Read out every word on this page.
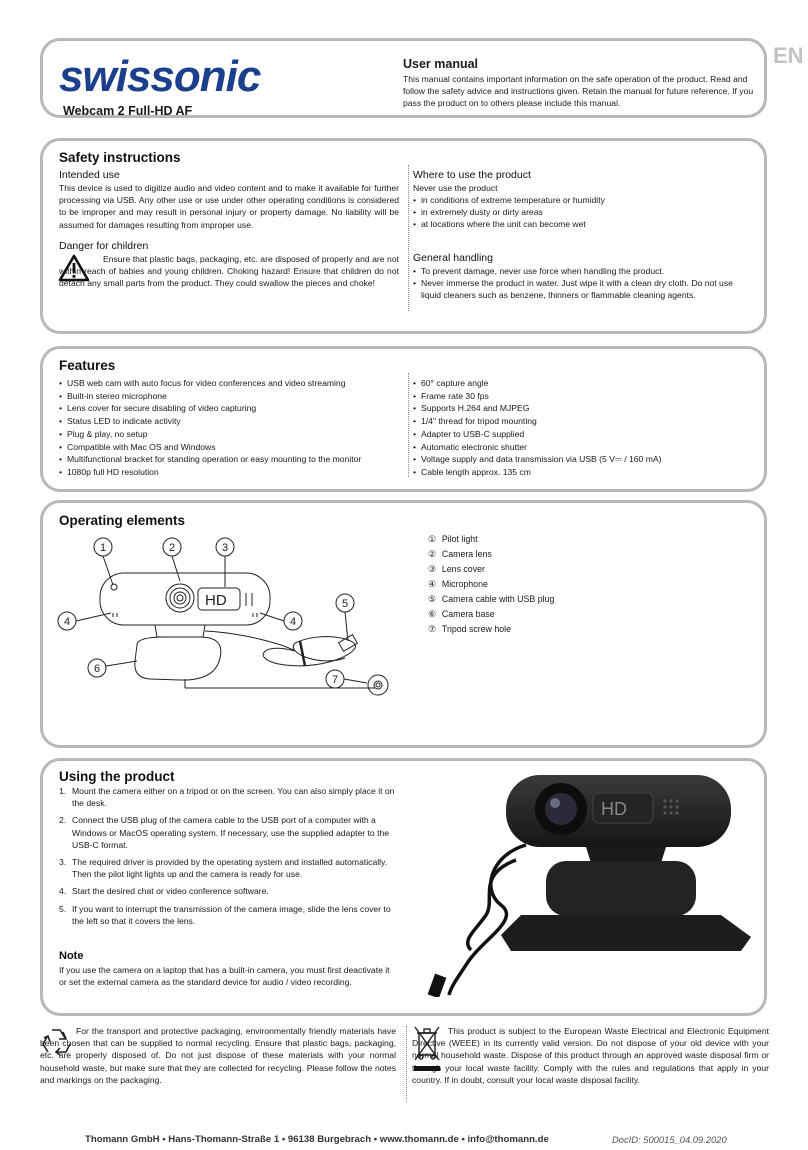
swissonic
Webcam 2 Full-HD AF
User manual
This manual contains important information on the safe operation of the product. Read and follow the safety advice and instructions given. Retain the manual for future reference. If you pass the product on to others please include this manual.
EN
Safety instructions
Intended use
This device is used to digitize audio and video content and to make it available for further processing via USB. Any other use or use under other operating conditions is considered to be improper and may result in personal injury or property damage. No liability will be assumed for damages resulting from improper use.
Danger for children
Ensure that plastic bags, packaging, etc. are disposed of properly and are not within reach of babies and young children. Choking hazard! Ensure that children do not detach any small parts from the product. They could swallow the pieces and choke!
Where to use the product
Never use the product
• in conditions of extreme temperature or humidity
• in extremely dusty or dirty areas
• at locations where the unit can become wet
General handling
• To prevent damage, never use force when handling the product.
• Never immerse the product in water. Just wipe it with a clean dry cloth. Do not use liquid cleaners such as benzene, thinners or flammable cleaning agents.
Features
• USB web cam with auto focus for video conferences and video streaming
• Built-in stereo microphone
• Lens cover for secure disabling of video capturing
• Status LED to indicate activity
• Plug & play, no setup
• Compatible with Mac OS and Windows
• Multifunctional bracket for standing operation or easy mounting to the monitor
• 1080p full HD resolution
• 60° capture angle
• Frame rate 30 fps
• Supports H.264 and MJPEG
• 1/4" thread for tripod mounting
• Adapter to USB-C supplied
• Automatic electronic shutter
• Voltage supply and data transmission via USB (5 V⎓ / 160 mA)
• Cable length approx. 135 cm
Operating elements
1	2	3
4	4
5
6
7
HD
① Pilot light
② Camera lens
③ Lens cover
④ Microphone
⑤ Camera cable with USB plug
⑥ Camera base
⑦ Tripod screw hole
Using the product
1. Mount the camera either on a tripod or on the screen. You can also simply place it on the desk.
2. Connect the USB plug of the camera cable to the USB port of a computer with a Windows or MacOS operating system. If necessary, use the supplied adapter to the USB-C format.
3. The required driver is provided by the operating system and installed automatically. Then the pilot light lights up and the camera is ready for use.
4. Start the desired chat or video conference software.
5. If you want to interrupt the transmission of the camera image, slide the lens cover to the left so that it covers the lens.
Note
If you use the camera on a laptop that has a built-in camera, you must first deactivate it or set the external camera as the standard device for audio / video recording.
HD
For the transport and protective packaging, environmentally friendly materials have been chosen that can be supplied to normal recycling. Ensure that plastic bags, packaging, etc. are properly disposed of. Do not just dispose of these materials with your normal household waste, but make sure that they are collected for recycling. Please follow the notes and markings on the packaging.
This product is subject to the European Waste Electrical and Electronic Equipment Directive (WEEE) in its currently valid version. Do not dispose of your old device with your normal household waste. Dispose of this product through an approved waste disposal firm or through your local waste facility. Comply with the rules and regulations that apply in your country. If in doubt, consult your local waste disposal facility.
Thomann GmbH • Hans-Thomann-Straße 1 • 96138 Burgebrach • www.thomann.de • info@thomann.de	DocID: 500015_04.09.2020
